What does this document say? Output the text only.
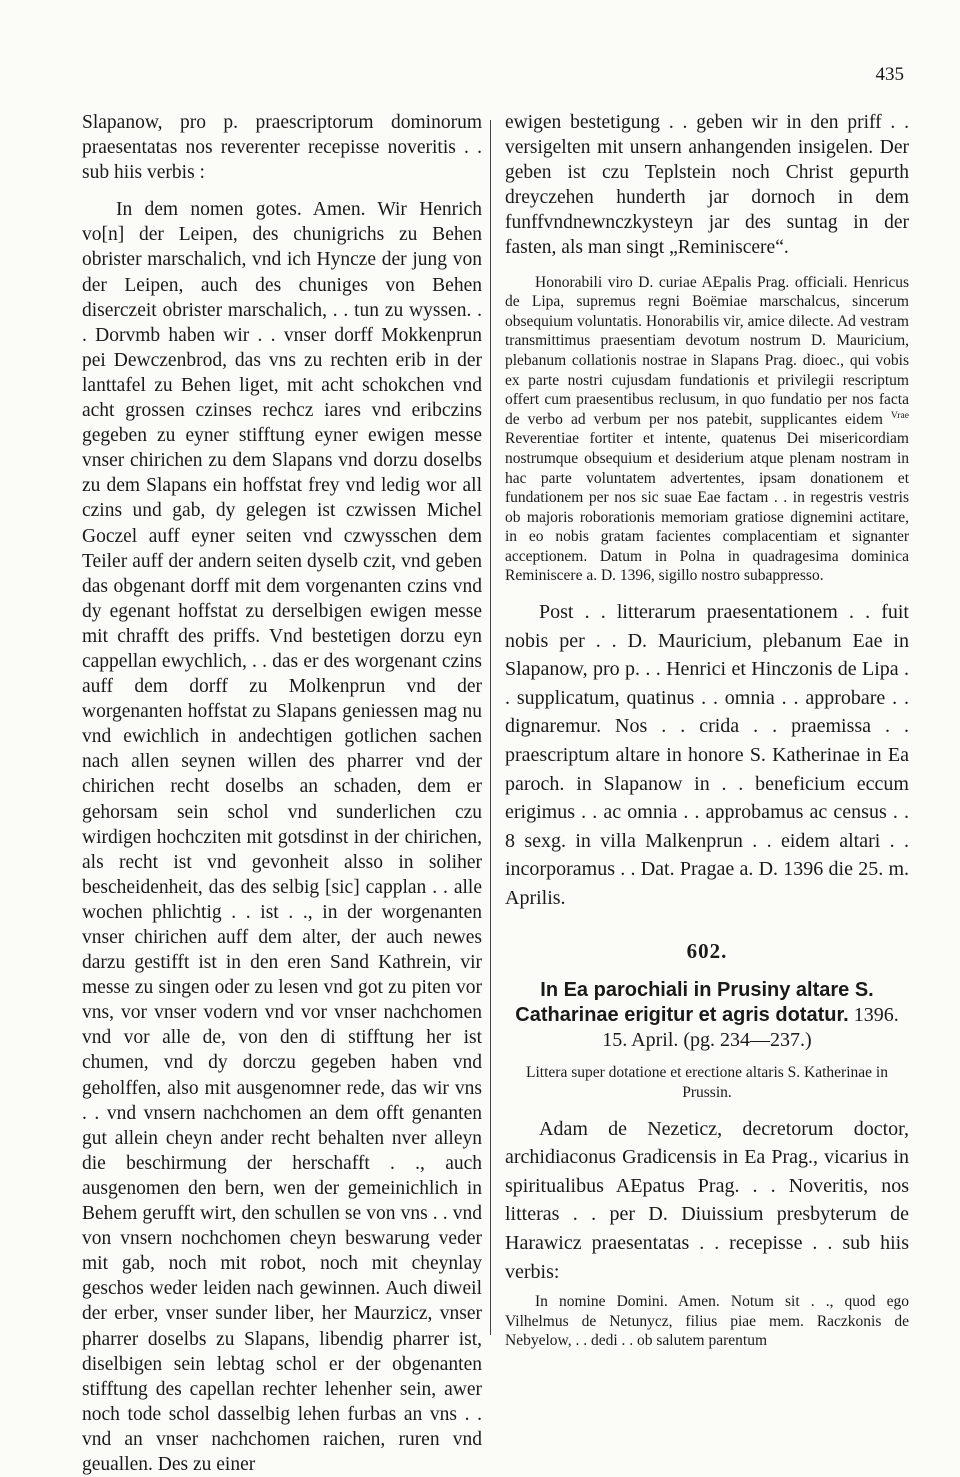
435

Slapanow, pro p. praescriptorum dominorum praesentatas nos reverenter recepisse noveritis . . sub hiis verbis :

In dem nomen gotes. Amen. Wir Henrich vo[n] der Leipen, des chunigrichs zu Behen obrister marschalich, vnd ich Hyncze der jung von der Leipen, auch des chuniges von Behen diserczeit obrister marschalich, . . tun zu wyssen. . . Dorvmb haben wir . . vnser dorff Mokkenprun pei Dewczenbrod, das vns zu rechten erib in der lanttafel zu Behen liget, mit acht schokchen vnd acht grossen czinses rechcz iares vnd eribczins gegeben zu eyner stifftung eyner ewigen messe vnser chirichen zu dem Slapans vnd dorzu doselbs zu dem Slapans ein hoffstat frey vnd ledig wor all czins und gab, dy gelegen ist czwissen Michel Goczel auff eyner seiten vnd czwysschen dem Teiler auff der andern seiten dyselb czit, vnd geben das obgenant dorff mit dem vorgenanten czins vnd dy egenant hoffstat zu derselbigen ewigen messe mit chrafft des priffs. Vnd bestetigen dorzu eyn cappellan ewychlich, . . das er des worgenant czins auff dem dorff zu Molkenprun vnd der worgenanten hoffstat zu Slapans geniessen mag nu vnd ewichlich in andechtigen gotlichen sachen nach allen seynen willen des pharrer vnd der chirichen recht doselbs an schaden, dem er gehorsam sein schol vnd sunderlichen czu wirdigen hochcziten mit gotsdinst in der chirichen, als recht ist vnd gevonheit alsso in soliher bescheidenheit, das des selbig [sic] capplan . . alle wochen phlichtig . . ist . ., in der worgenanten vnser chirichen auff dem alter, der auch newes darzu gestifft ist in den eren Sand Kathrein, vir messe zu singen oder zu lesen vnd got zu piten vor vns, vor vnser vodern vnd vor vnser nachchomen vnd vor alle de, von den di stifftung her ist chumen, vnd dy dorczu gegeben haben vnd geholffen, also mit ausgenomner rede, das wir vns . . vnd vnsern nachchomen an dem offt genanten gut allein cheyn ander recht behalten nver alleyn die beschirmung der herschafft . ., auch ausgenomen den bern, wen der gemeinichlich in Behem gerufft wirt, den schullen se von vns . . vnd von vnsern nochchomen cheyn beswarung veder mit gab, noch mit robot, noch mit cheynlay geschos weder leiden nach gewinnen. Auch diweil der erber, vnser sunder liber, her Maurzicz, vnser pharrer doselbs zu Slapans, libendig pharrer ist, diselbigen sein lebtag schol er der obgenanten stifftung des capellan rechter lehenher sein, awer noch tode schol dasselbig lehen furbas an vns . . vnd an vnser nachchomen raichen, ruren vnd geuallen. Des zu einer

ewigen bestetigung . . geben wir in den priff . . versigelten mit unsern anhangenden insigelen. Der geben ist czu Teplstein noch Christ gepurth dreyczehen hunderth jar dornoch in dem funffvndnewnczkysteyn jar des suntag in der fasten, als man singt „Reminiscere“.

Honorabili viro D. curiae AEpalis Prag. officiali. Henricus de Lipa, supremus regni Boëmiae marschalcus, sincerum obsequium voluntatis. Honorabilis vir, amice dilecte. Ad vestram transmittimus praesentiam devotum nostrum D. Mauricium, plebanum collationis nostrae in Slapans Prag. dioec., qui vobis ex parte nostri cujusdam fundationis et privilegii rescriptum offert cum praesentibus reclusum, in quo fundatio per nos facta de verbo ad verbum per nos patebit, supplicantes eidem $^{Vrae}$ Reverentiae fortiter et intente, quatenus Dei misericordiam nostrumque obsequium et desiderium atque plenam nostram in hac parte voluntatem advertentes, ipsam donationem et fundationem per nos sic suae Eae factam . . in regestris vestris ob majoris roborationis memoriam gratiose dignemini actitare, in eo nobis gratam facientes complacentiam et signanter acceptionem. Datum in Polna in quadragesima dominica Reminiscere a. D. 1396, sigillo nostro subappresso.

Post . . litterarum praesentationem . . fuit nobis per . . D. Mauricium, plebanum Eae in Slapanow, pro p. . . Henrici et Hinczonis de Lipa . . supplicatum, quatinus . . omnia . . approbare . . dignaremur. Nos . . crida . . praemissa . . praescriptum altare in honore S. Katherinae in Ea paroch. in Slapanow in . . beneficium eccum erigimus . . ac omnia . . approbamus ac census . . 8 sexg. in villa Malkenprun . . eidem altari . . incorporamus . . Dat. Pragae a. D. 1396 die 25. m. Aprilis.

602.

In Ea parochiali in Prusiny altare S. Catharinae erigitur et agris dotatur. 1396. 15. April. (pg. 234—237.)

Littera super dotatione et erectione altaris S. Katherinae in Prussin.

Adam de Nezeticz, decretorum doctor, archidiaconus Gradicensis in Ea Prag., vicarius in spiritualibus AEpatus Prag. . . Noveritis, nos litteras . . per D. Diuissium presbyterum de Harawicz praesentatas . . recepisse . . sub hiis verbis:

In nomine Domini. Amen. Notum sit . ., quod ego Vilhelmus de Netunycz, filius piae mem. Raczkonis de Nebyelow, . . dedi . . ob salutem parentum
